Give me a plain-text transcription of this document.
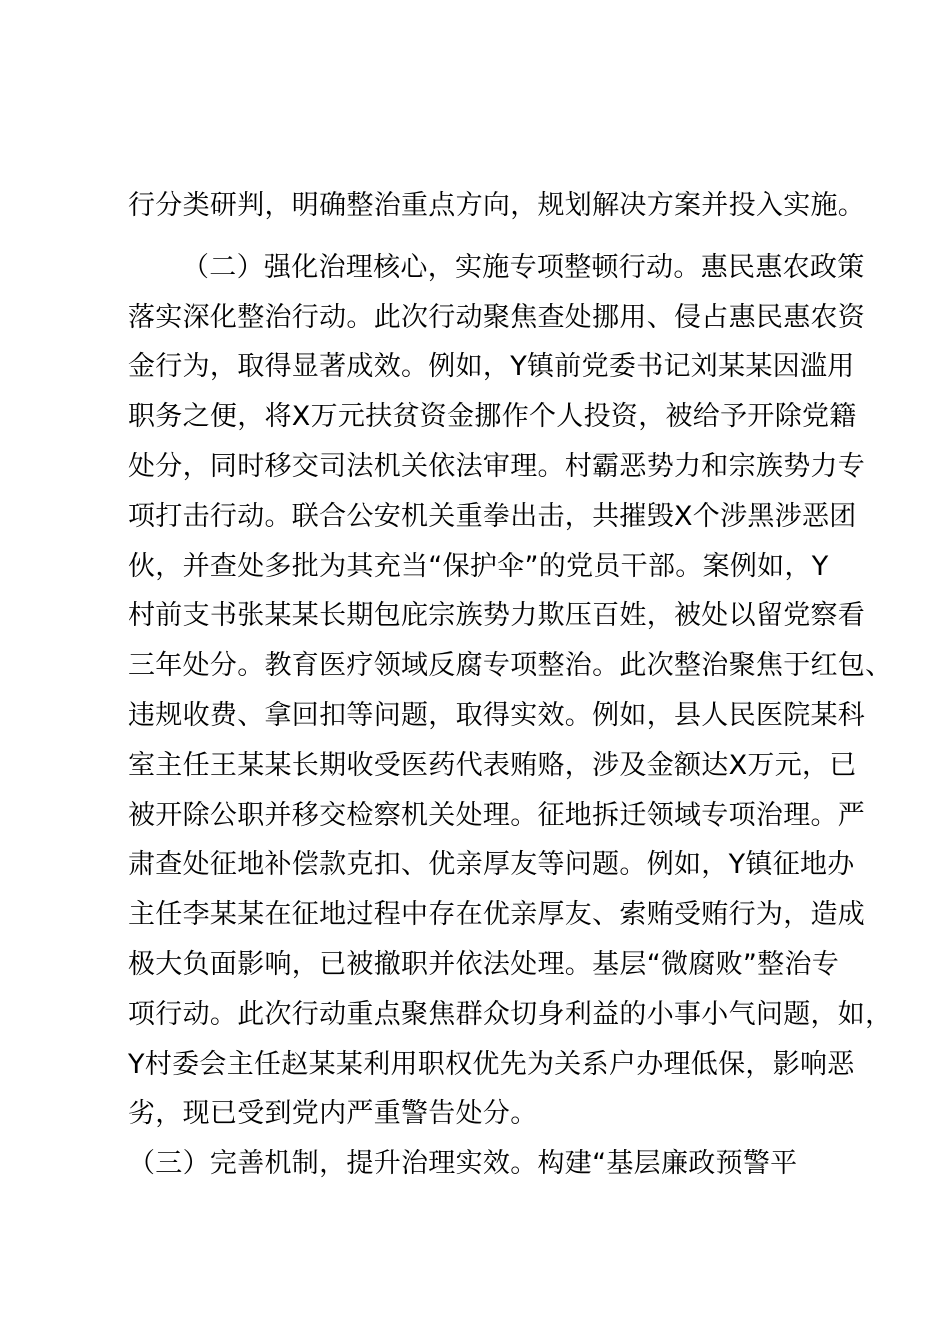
行分类研判，明确整治重点方向，规划解决方案并投入实施。
（二）强化治理核心，实施专项整顿行动。惠民惠农政策
落实深化整治行动。此次行动聚焦查处挪用、侵占惠民惠农资
金行为，取得显著成效。例如，Y镇前党委书记刘某某因滥用
职务之便，将X万元扶贫资金挪作个人投资，被给予开除党籍
处分，同时移交司法机关依法审理。村霸恶势力和宗族势力专
项打击行动。联合公安机关重拳出击，共摧毁X个涉黑涉恶团
伙，并查处多批为其充当“保护伞”的党员干部。案例如，Y
村前支书张某某长期包庇宗族势力欺压百姓，被处以留党察看
三年处分。教育医疗领域反腐专项整治。此次整治聚焦于红包、
违规收费、拿回扣等问题，取得实效。例如，县人民医院某科
室主任王某某长期收受医药代表贿赂，涉及金额达X万元，已
被开除公职并移交检察机关处理。征地拆迁领域专项治理。严
肃查处征地补偿款克扣、优亲厚友等问题。例如，Y镇征地办
主任李某某在征地过程中存在优亲厚友、索贿受贿行为，造成
极大负面影响，已被撤职并依法处理。基层“微腐败”整治专
项行动。此次行动重点聚焦群众切身利益的小事小气问题，如，
Y村委会主任赵某某利用职权优先为关系户办理低保，影响恶
劣，现已受到党内严重警告处分。
（三）完善机制，提升治理实效。构建“基层廉政预警平
